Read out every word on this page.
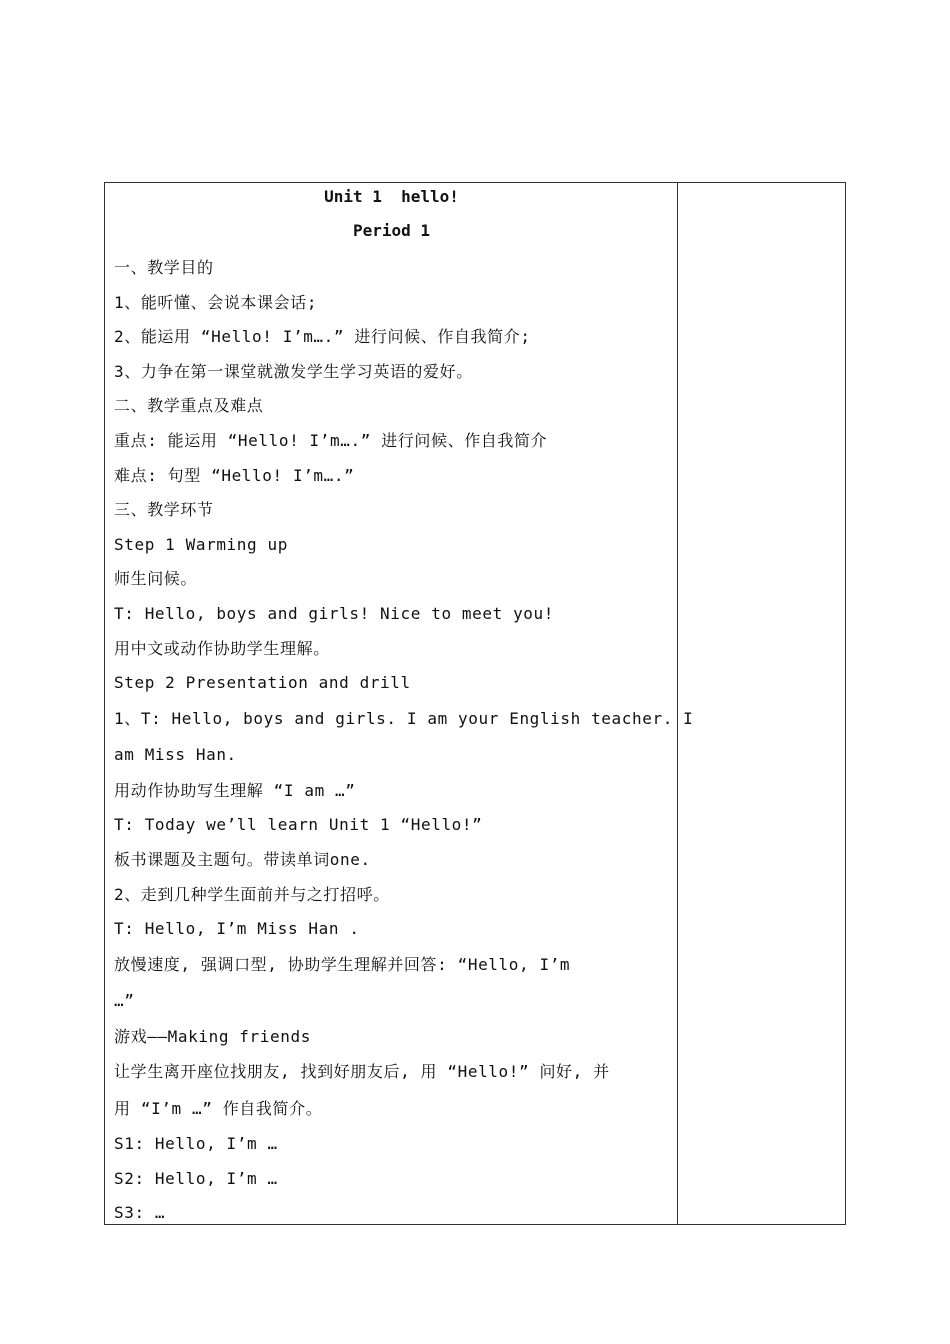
Unit 1  hello!
Period 1
一、教学目的
1、能听懂、会说本课会话;
2、能运用 “Hello! I’m….” 进行问候、作自我简介;
3、力争在第一课堂就激发学生学习英语的爱好。
二、教学重点及难点
重点: 能运用 “Hello! I’m….” 进行问候、作自我简介
难点: 句型 “Hello! I’m….”
三、教学环节
Step 1 Warming up
师生问候。
T: Hello, boys and girls! Nice to meet you!
用中文或动作协助学生理解。
Step 2 Presentation and drill
1、T: Hello, boys and girls. I am your English teacher. I
am Miss Han.
用动作协助写生理解 “I am …”
T: Today we’ll learn Unit 1 “Hello!”
板书课题及主题句。带读单词one.
2、走到几种学生面前并与之打招呼。
T: Hello, I’m Miss Han .
放慢速度, 强调口型, 协助学生理解并回答: “Hello, I’m
…”
游戏——Making friends
让学生离开座位找朋友, 找到好朋友后, 用 “Hello!” 问好, 并
用 “I’m …” 作自我简介。
S1: Hello, I’m …
S2: Hello, I’m …
S3: …
